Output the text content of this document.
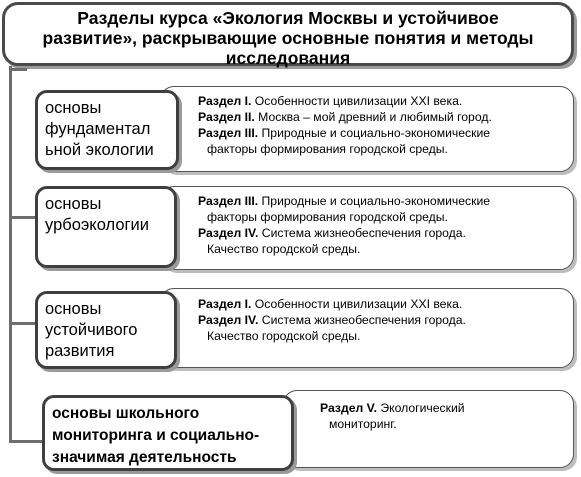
Разделы курса «Экология Москвы и устойчивое
развитие», раскрывающие основные понятия и методы
исследования
основы
фундаментал
ьной экологии
Раздел I. Особенности цивилизации XXI века.
Раздел II. Москва – мой древний и любимый город.
Раздел III. Природные и социально-экономические
факторы формирования городской среды.
основы
урбоэкологии
Раздел III. Природные и социально-экономические
факторы формирования городской среды.
Раздел IV. Система жизнеобеспечения города.
Качество городской среды.
основы
устойчивого
развития
Раздел I. Особенности цивилизации XXI века.
Раздел IV. Система жизнеобеспечения города.
Качество городской среды.
основы школьного
мониторинга и социально-
значимая деятельность
Раздел V. Экологический
мониторинг.
